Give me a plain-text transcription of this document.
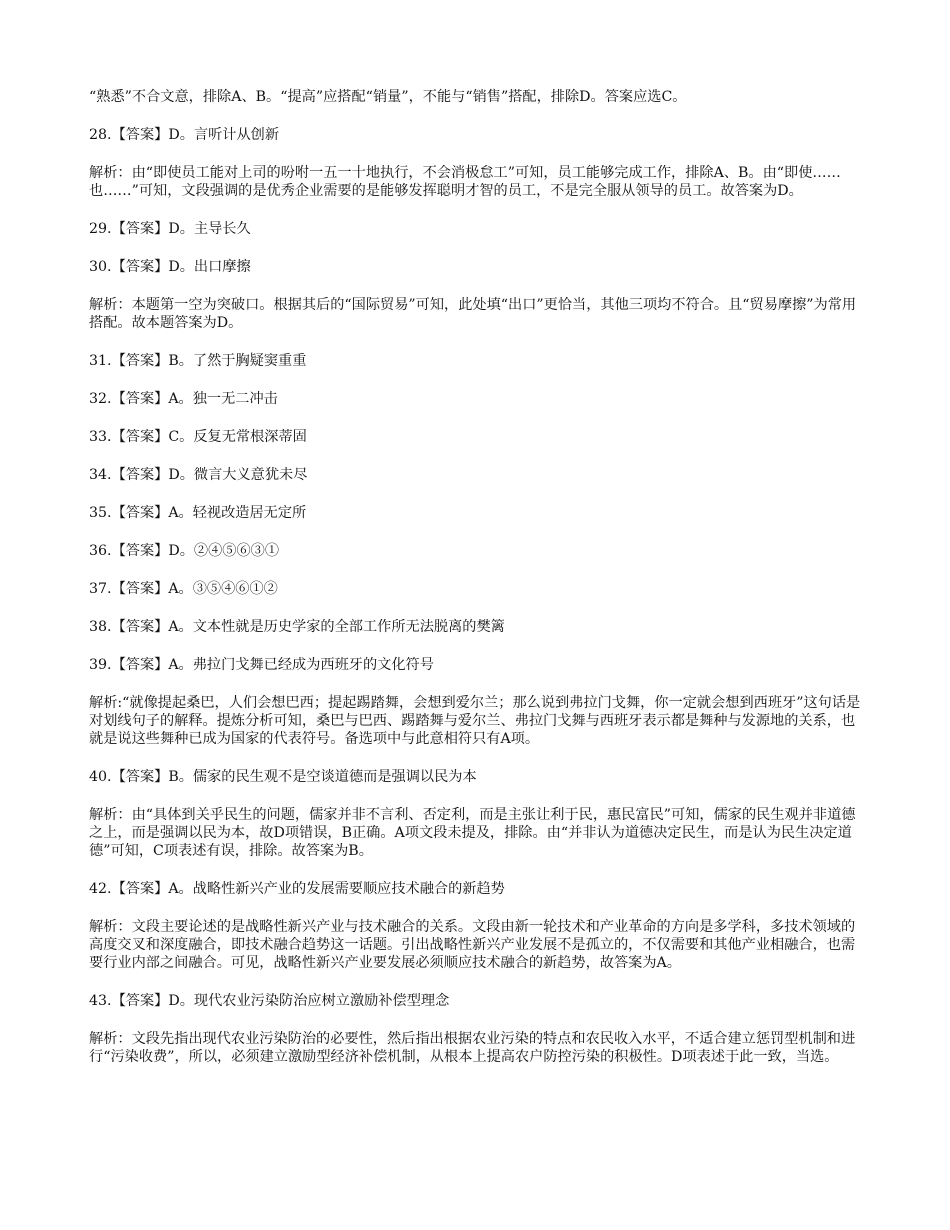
“熟悉”不合文意，排除A、B。“提高”应搭配“销量”，不能与“销售”搭配，排除D。答案应选C。

28.【答案】D。言听计从创新

解析：由“即使员工能对上司的吩咐一五一十地执行，不会消极怠工”可知，员工能够完成工作，排除A、B。由“即使……也……”可知，文段强调的是优秀企业需要的是能够发挥聪明才智的员工，不是完全服从领导的员工。故答案为D。

29.【答案】D。主导长久

30.【答案】D。出口摩擦

解析：本题第一空为突破口。根据其后的“国际贸易”可知，此处填“出口”更恰当，其他三项均不符合。且“贸易摩擦”为常用搭配。故本题答案为D。

31.【答案】B。了然于胸疑窦重重

32.【答案】A。独一无二冲击

33.【答案】C。反复无常根深蒂固

34.【答案】D。微言大义意犹未尽

35.【答案】A。轻视改造居无定所

36.【答案】D。②④⑤⑥③①

37.【答案】A。③⑤④⑥①②

38.【答案】A。文本性就是历史学家的全部工作所无法脱离的樊篱

39.【答案】A。弗拉门戈舞已经成为西班牙的文化符号

解析:“就像提起桑巴，人们会想巴西；提起踢踏舞，会想到爱尔兰；那么说到弗拉门戈舞，你一定就会想到西班牙”这句话是对划线句子的解释。提炼分析可知，桑巴与巴西、踢踏舞与爱尔兰、弗拉门戈舞与西班牙表示都是舞种与发源地的关系，也就是说这些舞种已成为国家的代表符号。备选项中与此意相符只有A项。

40.【答案】B。儒家的民生观不是空谈道德而是强调以民为本

解析：由“具体到关乎民生的问题，儒家并非不言利、否定利，而是主张让利于民，惠民富民”可知，儒家的民生观并非道德之上，而是强调以民为本，故D项错误，B正确。A项文段未提及，排除。由“并非认为道德决定民生，而是认为民生决定道德”可知，C项表述有误，排除。故答案为B。

42.【答案】A。战略性新兴产业的发展需要顺应技术融合的新趋势

解析：文段主要论述的是战略性新兴产业与技术融合的关系。文段由新一轮技术和产业革命的方向是多学科，多技术领域的高度交叉和深度融合，即技术融合趋势这一话题。引出战略性新兴产业发展不是孤立的，不仅需要和其他产业相融合，也需要行业内部之间融合。可见，战略性新兴产业要发展必须顺应技术融合的新趋势，故答案为A。

43.【答案】D。现代农业污染防治应树立激励补偿型理念

解析：文段先指出现代农业污染防治的必要性，然后指出根据农业污染的特点和农民收入水平，不适合建立惩罚型机制和进行“污染收费”，所以，必须建立激励型经济补偿机制，从根本上提高农户防控污染的积极性。D项表述于此一致，当选。
